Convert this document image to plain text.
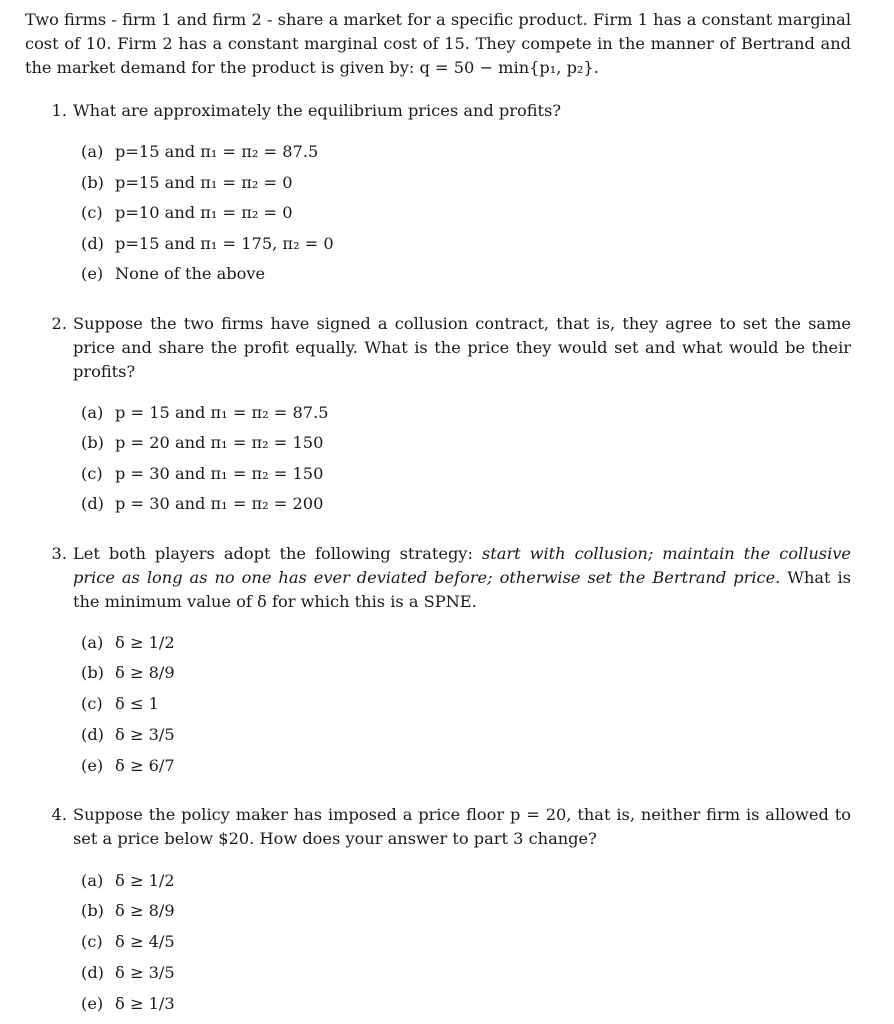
Two firms - firm 1 and firm 2 - share a market for a specific product. Firm 1 has a constant marginal cost of 10. Firm 2 has a constant marginal cost of 15. They compete in the manner of Bertrand and the market demand for the product is given by: q = 50 − min{p₁, p₂}.

1. What are approximately the equilibrium prices and profits?

(a) p=15 and π₁ = π₂ = 87.5
(b) p=15 and π₁ = π₂ = 0
(c) p=10 and π₁ = π₂ = 0
(d) p=15 and π₁ = 175, π₂ = 0
(e) None of the above
2. Suppose the two firms have signed a collusion contract, that is, they agree to set the same price and share the profit equally. What is the price they would set and what would be their profits?

(a) p = 15 and π₁ = π₂ = 87.5
(b) p = 20 and π₁ = π₂ = 150
(c) p = 30 and π₁ = π₂ = 150
(d) p = 30 and π₁ = π₂ = 200
3. Let both players adopt the following strategy: start with collusion; maintain the collusive price as long as no one has ever deviated before; otherwise set the Bertrand price. What is the minimum value of δ for which this is a SPNE.

(a) δ ≥ 1/2
(b) δ ≥ 8/9
(c) δ ≤ 1
(d) δ ≥ 3/5
(e) δ ≥ 6/7
4. Suppose the policy maker has imposed a price floor p = 20, that is, neither firm is allowed to set a price below $20. How does your answer to part 3 change?

(a) δ ≥ 1/2
(b) δ ≥ 8/9
(c) δ ≥ 4/5
(d) δ ≥ 3/5
(e) δ ≥ 1/3
